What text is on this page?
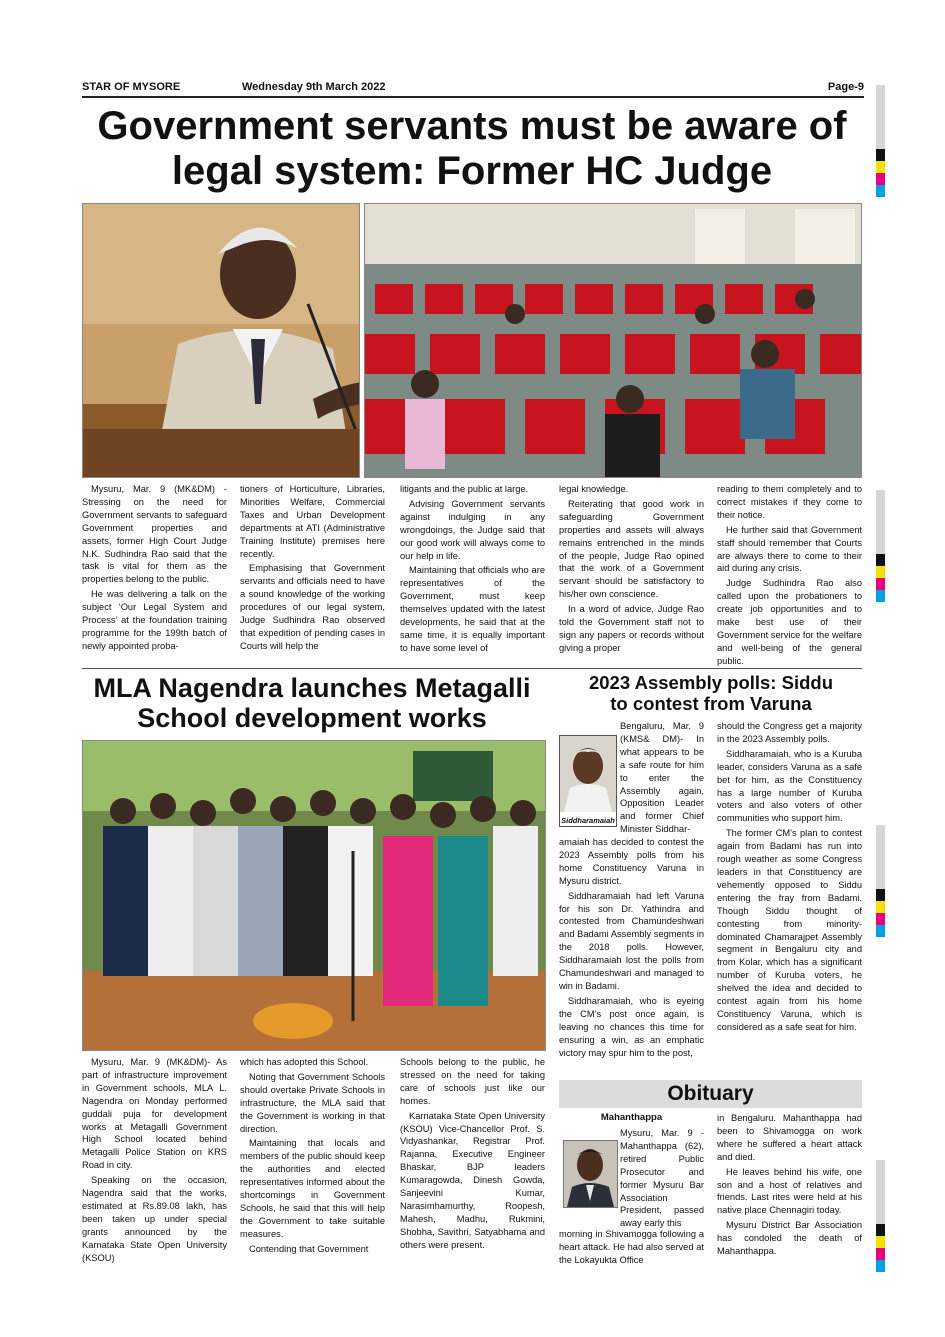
STAR OF MYSORE	Wednesday 9th March 2022	Page-9
Government servants must be aware of
legal system: Former HC Judge

Mysuru, Mar. 9 (MK&DM) - Stressing on the need for Government servants to safeguard Government properties and assets, former High Court Judge N.K. Sudhindra Rao said that the task is vital for them as the properties belong to the public.

He was delivering a talk on the subject ‘Our Legal System and Process’ at the foundation training programme for the 199th batch of newly appointed proba-

tioners of Horticulture, Libraries, Minorities Welfare, Commercial Taxes and Urban Development departments at ATI (Administrative Training Institute) premises here recently.

Emphasising that Government servants and officials need to have a sound knowledge of the working procedures of our legal system, Judge Sudhindra Rao observed that expedition of pending cases in Courts will help the

litigants and the public at large.

Advising Government servants against indulging in any wrongdoings, the Judge said that our good work will always come to our help in life.

Maintaining that officials who are representatives of the Government, must keep themselves updated with the latest developments, he said that at the same time, it is equally important to have some level of

legal knowledge.

Reiterating that good work in safeguarding Government properties and assets will always remains entrenched in the minds of the people, Judge Rao opined that the work of a Government servant should be satisfactory to his/her own conscience.

In a word of advice, Judge Rao told the Government staff not to sign any papers or records without giving a proper

reading to them completely and to correct mistakes if they come to their notice.

He further said that Government staff should remember that Courts are always there to come to their aid during any crisis.

Judge Sudhindra Rao also called upon the probationers to create job opportunities and to make best use of their Government service for the welfare and well-being of the general public.

MLA Nagendra launches Metagalli
School development works

Mysuru, Mar. 9 (MK&DM)- As part of infrastructure improvement in Government schools, MLA L. Nagendra on Monday performed guddali puja for development works at Metagalli Government High School located behind Metagalli Police Station on KRS Road in city.

Speaking on the occasion, Nagendra said that the works, estimated at Rs.89.08 lakh, has been taken up under special grants announced by the Karnataka State Open University (KSOU)

which has adopted this School.

Noting that Government Schools should overtake Private Schools in infrastructure, the MLA said that the Government is working in that direction.

Maintaining that locals and members of the public should keep the authorities and elected representatives informed about the shortcomings in Government Schools, he said that this will help the Government to take suitable measures.

Contending that Government

Schools belong to the public, he stressed on the need for taking care of schools just like our homes.

Karnataka State Open University (KSOU) Vice-Chancellor Prof. S. Vidyashankar, Registrar Prof. Rajanna, Executive Engineer Bhaskar, BJP leaders Kumaragowda, Dinesh Gowda, Sanjeevini Kumar, Narasimhamurthy, Roopesh, Mahesh, Madhu, Rukmini, Shobha, Savithri, Satyabhama and others were present.

2023 Assembly polls: Siddu
to contest from Varuna
Siddharamaiah

Bengaluru, Mar. 9 (KMS& DM)- In what appears to be a safe route for him to enter the Assembly again, Opposition Leader and former Chief Minister Siddhar-

amaiah has decided to contest the 2023 Assembly polls from his home Constituency Varuna in Mysuru district.

Siddharamaiah had left Varuna for his son Dr. Yathindra and contested from Chamundeshwari and Badami Assembly segments in the 2018 polls. However, Siddharamaiah lost the polls from Chamundeshwari and managed to win in Badami.

Siddharamaiah, who is eyeing the CM’s post once again, is leaving no chances this time for ensuring a win, as an emphatic victory may spur him to the post,

should the Congress get a majority in the 2023 Assembly polls.

Siddharamaiah, who is a Kuruba leader, considers Varuna as a safe bet for him, as the Constituency has a large number of Kuruba voters and also voters of other communities who support him.

The former CM’s plan to contest again from Badami has run into rough weather as some Congress leaders in that Constituency are vehemently opposed to Siddu entering the fray from Badami. Though Siddu thought of contesting from minority-dominated Chamarajpet Assembly segment in Bengaluru city and from Kolar, which has a significant number of Kuruba voters, he shelved the idea and decided to contest again from his home Constituency Varuna, which is considered as a safe seat for him.

Obituary
Mahanthappa

Mysuru, Mar. 9 - Mahanthappa (62), retired Public Prosecutor and former Mysuru Bar Association President, passed away early this

morning in Shivamogga following a heart attack. He had also served at the Lokayukta Office

in Bengaluru. Mahanthappa had been to Shivamogga on work where he suffered a heart attack and died.

He leaves behind his wife, one son and a host of relatives and friends. Last rites were held at his native place Chennagiri today.

Mysuru District Bar Association has condoled the death of Mahanthappa.
